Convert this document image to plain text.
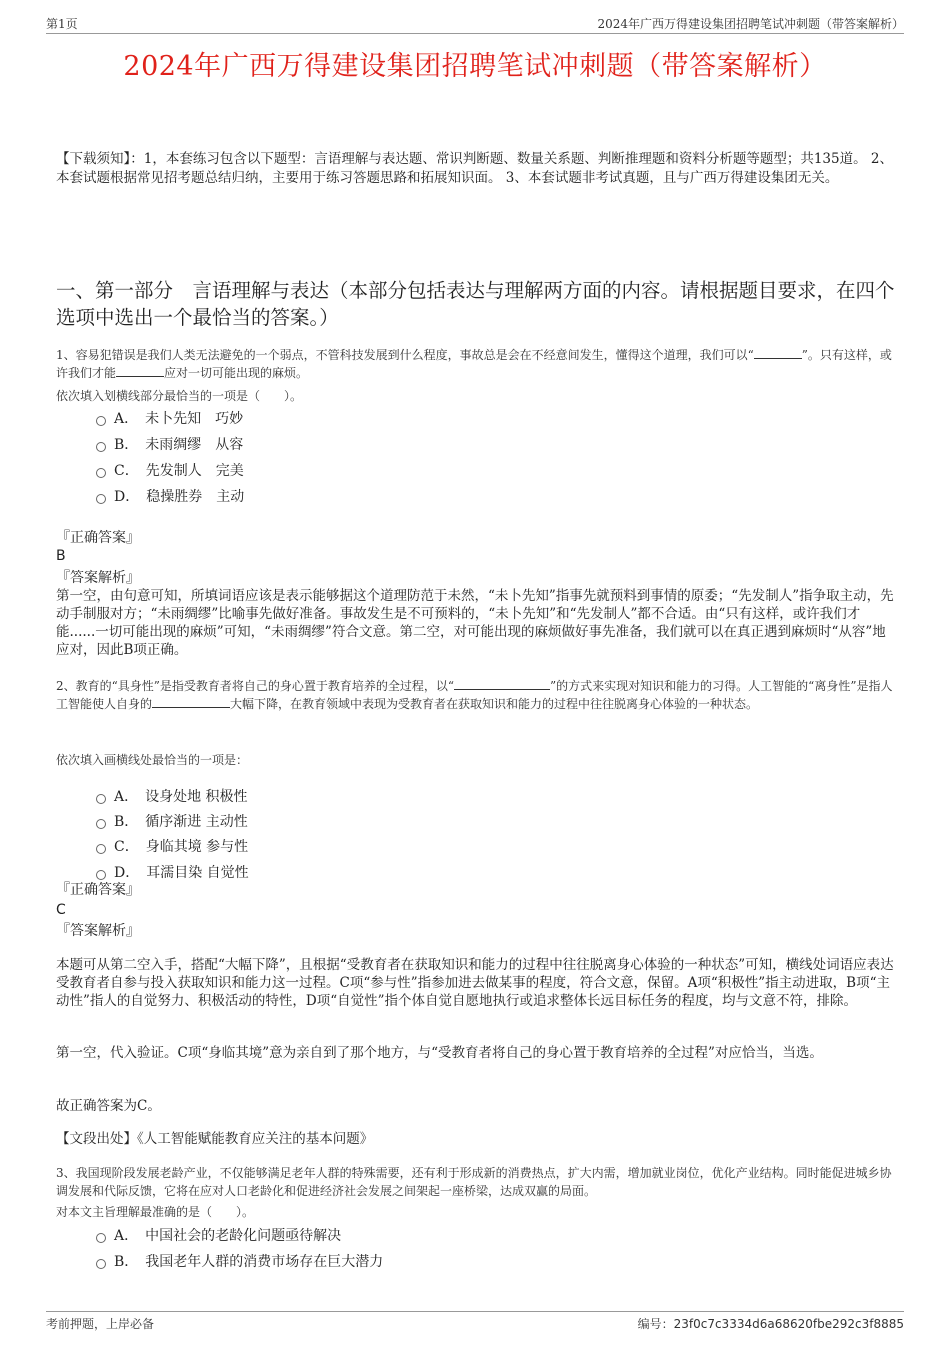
第1页	2024年广西万得建设集团招聘笔试冲刺题（带答案解析）
2024年广西万得建设集团招聘笔试冲刺题（带答案解析）
【下载须知】：1，本套练习包含以下题型：言语理解与表达题、常识判断题、数量关系题、判断推理题和资料分析题等题型；共135道。 2、本套试题根据常见招考题总结归纳，主要用于练习答题思路和拓展知识面。 3、本套试题非考试真题，且与广西万得建设集团无关。
一、第一部分　言语理解与表达（本部分包括表达与理解两方面的内容。请根据题目要求，在四个选项中选出一个最恰当的答案。）
1、容易犯错误是我们人类无法避免的一个弱点，不管科技发展到什么程度，事故总是会在不经意间发生，懂得这个道理，我们可以“	”。只有这样，或许我们才能	应对一切可能出现的麻烦。
依次填入划横线部分最恰当的一项是（　　）。
A．　未卜先知　巧妙
B．　未雨绸缪　从容
C．　先发制人　完美
D．　稳操胜券　主动
『正确答案』
B
『答案解析』
第一空，由句意可知，所填词语应该是表示能够据这个道理防范于未然，“未卜先知”指事先就预料到事情的原委；“先发制人”指争取主动，先动手制服对方；“未雨绸缪”比喻事先做好准备。事故发生是不可预料的，“未卜先知”和“先发制人”都不合适。由“只有这样，或许我们才能......一切可能出现的麻烦”可知，“未雨绸缪”符合文意。第二空，对可能出现的麻烦做好事先准备，我们就可以在真正遇到麻烦时“从容”地应对，因此B项正确。
2、教育的“具身性”是指受教育者将自己的身心置于教育培养的全过程，以“	”的方式来实现对知识和能力的习得。人工智能的“离身性”是指人工智能使人自身的	大幅下降，在教育领域中表现为受教育者在获取知识和能力的过程中往往脱离身心体验的一种状态。
依次填入画横线处最恰当的一项是：
A．　设身处地 积极性
B．　循序渐进 主动性
C．　身临其境 参与性
D．　耳濡目染 自觉性
『正确答案』
C
『答案解析』
本题可从第二空入手，搭配“大幅下降”，且根据“受教育者在获取知识和能力的过程中往往脱离身心体验的一种状态”可知，横线处词语应表达受教育者自参与投入获取知识和能力这一过程。C项“参与性”指参加进去做某事的程度，符合文意，保留。A项“积极性”指主动进取，B项“主动性”指人的自觉努力、积极活动的特性，D项“自觉性”指个体自觉自愿地执行或追求整体长远目标任务的程度，均与文意不符，排除。
第一空，代入验证。C项“身临其境”意为亲自到了那个地方，与“受教育者将自己的身心置于教育培养的全过程”对应恰当，当选。
故正确答案为C。
【文段出处】《人工智能赋能教育应关注的基本问题》
3、我国现阶段发展老龄产业，不仅能够满足老年人群的特殊需要，还有利于形成新的消费热点，扩大内需，增加就业岗位，优化产业结构。同时能促进城乡协调发展和代际反馈，它将在应对人口老龄化和促进经济社会发展之间架起一座桥梁，达成双赢的局面。
对本文主旨理解最准确的是（　　）。
A．　中国社会的老龄化问题亟待解决
B．　我国老年人群的消费市场存在巨大潜力
考前押题，上岸必备	编号：23f0c7c3334d6a68620fbe292c3f8885
